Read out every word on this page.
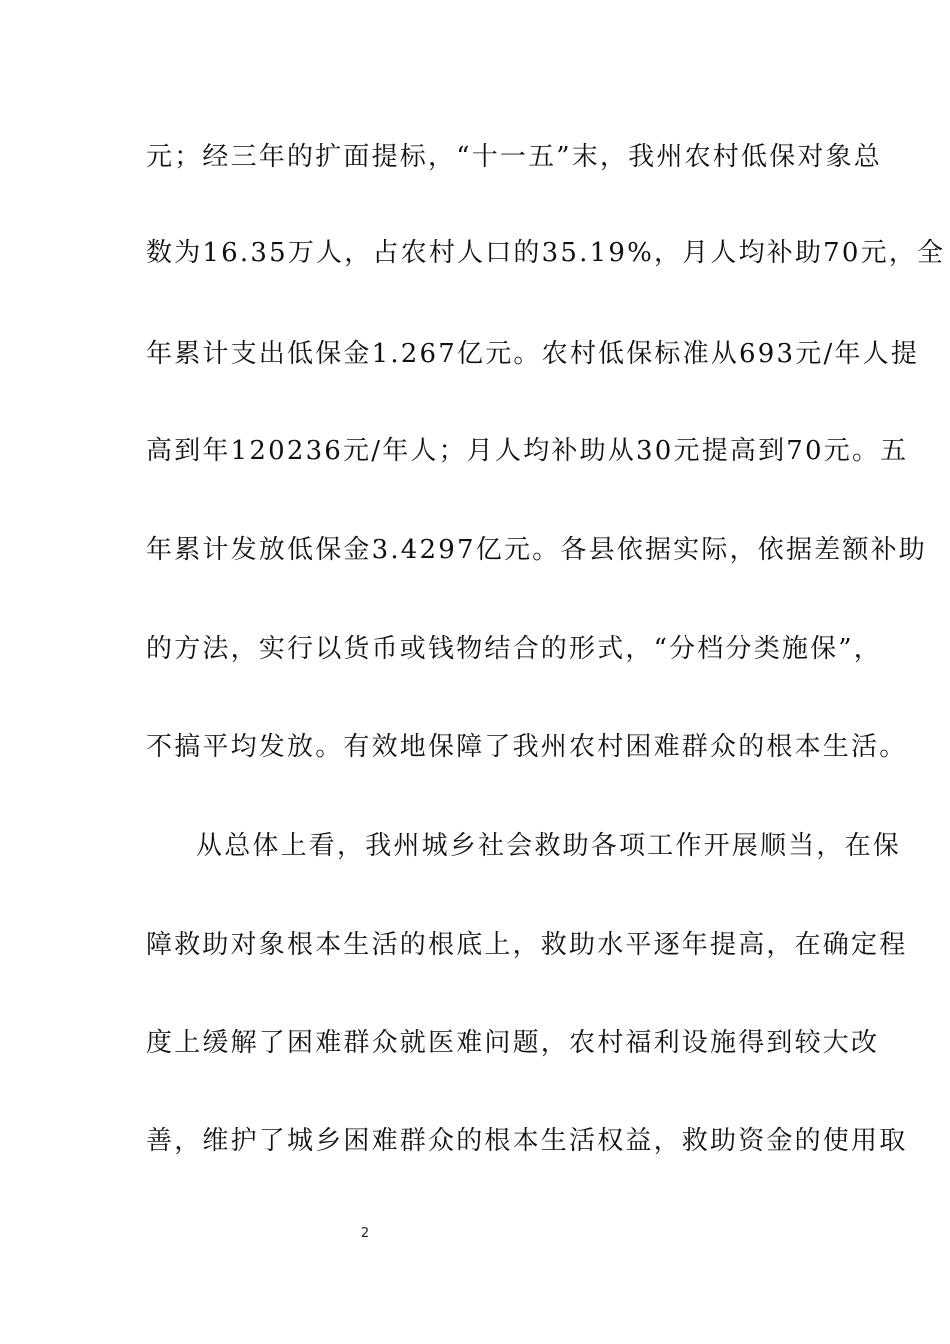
元；经三年的扩面提标，“十一五”末，我州农村低保对象总
数为16.35万人，占农村人口的35.19%，月人均补助70元，全
年累计支出低保金1.267亿元。农村低保标准从693元/年人提
高到年120236元/年人；月人均补助从30元提高到70元。五
年累计发放低保金3.4297亿元。各县依据实际，依据差额补助
的方法，实行以货币或钱物结合的形式，“分档分类施保”，
不搞平均发放。有效地保障了我州农村困难群众的根本生活。
从总体上看，我州城乡社会救助各项工作开展顺当，在保
障救助对象根本生活的根底上，救助水平逐年提高，在确定程
度上缓解了困难群众就医难问题，农村福利设施得到较大改
善，维护了城乡困难群众的根本生活权益，救助资金的使用取
2
